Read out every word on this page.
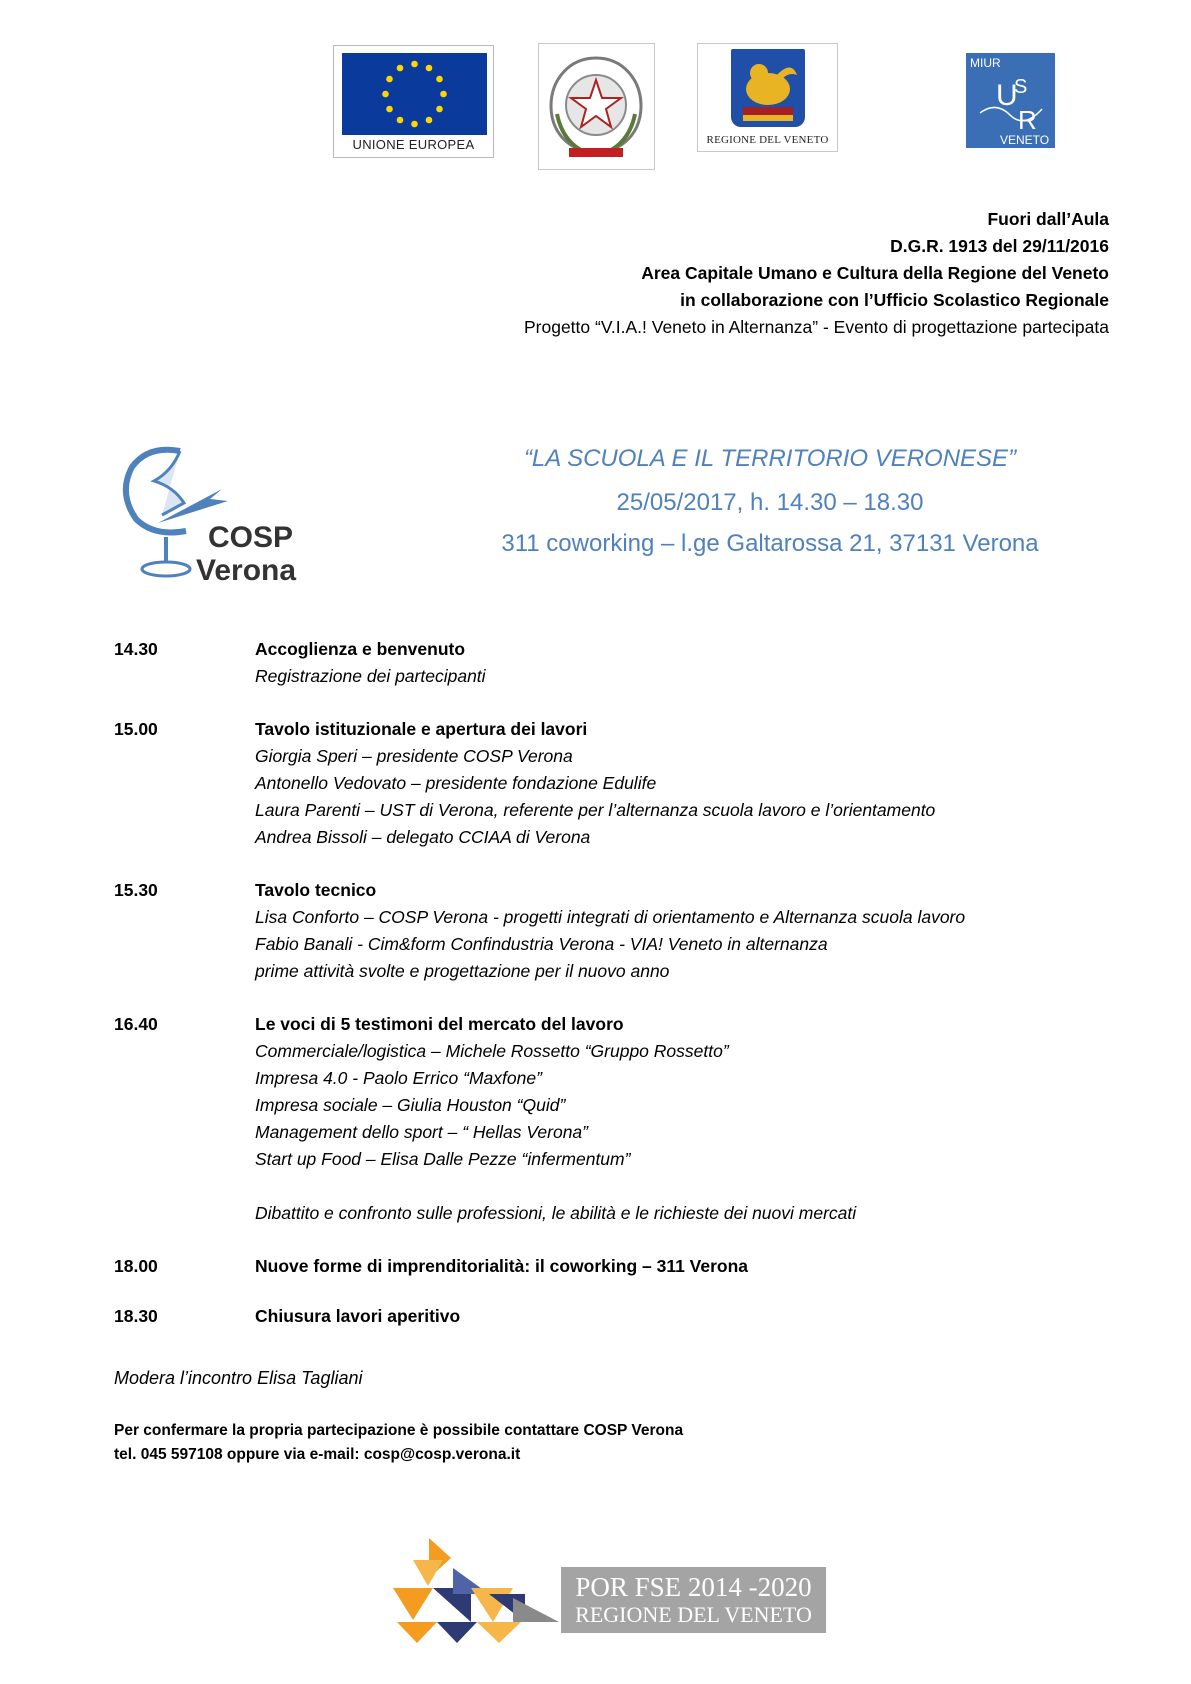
UNIONE EUROPEA	REGIONE DEL VENETO
MIUR
U
S
R
VENETO
Fuori dall’Aula
D.G.R. 1913 del 29/11/2016
Area Capitale Umano e Cultura della Regione del Veneto
in collaborazione con l’Ufficio Scolastico Regionale
Progetto “V.I.A.! Veneto in Alternanza” - Evento di progettazione partecipata
COSP
Verona
“LA SCUOLA E IL TERRITORIO VERONESE”
25/05/2017, h. 14.30 – 18.30
311 coworking – l.ge Galtarossa 21, 37131 Verona
14.30	Accoglienza e benvenuto
Registrazione dei partecipanti
15.00	Tavolo istituzionale e apertura dei lavori
Giorgia Speri – presidente COSP Verona
Antonello Vedovato – presidente fondazione Edulife
Laura Parenti – UST di Verona, referente per l’alternanza scuola lavoro e l’orientamento
Andrea Bissoli – delegato CCIAA di Verona
15.30	Tavolo tecnico
Lisa Conforto – COSP Verona - progetti integrati di orientamento e Alternanza scuola lavoro
Fabio Banali - Cim&form Confindustria Verona - VIA! Veneto in alternanza
prime attività svolte e progettazione per il nuovo anno
16.40	Le voci di 5 testimoni del mercato del lavoro
Commerciale/logistica – Michele Rossetto “Gruppo Rossetto”
Impresa 4.0 - Paolo Errico “Maxfone”
Impresa sociale – Giulia Houston “Quid”
Management dello sport – “ Hellas Verona”
Start up Food – Elisa Dalle Pezze “infermentum”
Dibattito e confronto sulle professioni, le abilità e le richieste dei nuovi mercati
18.00	Nuove forme di imprenditorialità: il coworking – 311 Verona
18.30	Chiusura lavori aperitivo
Modera l’incontro Elisa Tagliani
Per confermare la propria partecipazione è possibile contattare COSP Verona
tel. 045 597108 oppure via e-mail: cosp@cosp.verona.it
POR FSE 2014 -2020
REGIONE DEL VENETO
